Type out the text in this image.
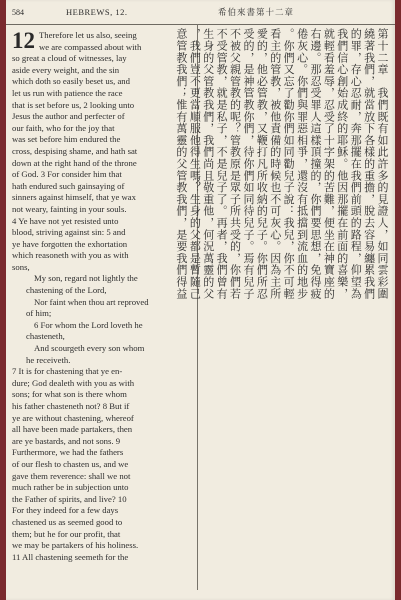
584	HEBREWS, 12.	希伯來書第十二章
12 Therefore let us also, seeing
we are compassed about with
so great a cloud of witnesses, lay
aside every weight, and the sin
which doth so easily beset us, and
let us run with patience the race
that is set before us, 2 looking unto
Jesus the author and perfecter of
our faith, who for the joy that
was set before him endured the
cross, despising shame, and hath sat
down at the right hand of the throne
of God. 3 For consider him that
hath endured such gainsaying of
sinners against himself, that ye wax
not weary, fainting in your souls.
4 Ye have not yet resisted unto
blood, striving against sin: 5 and
ye have forgotten the exhortation
which reasoneth with you as with
sons,
My son, regard not lightly the
chastening of the Lord,
Nor faint when thou art reproved
of him;
6 For whom the Lord loveth he
chasteneth,
And scourgeth every son whom
he receiveth.
7 It is for chastening that ye en-
dure; God dealeth with you as with
sons; for what son is there whom
his father chasteneth not? 8 But if
ye are without chastening, whereof
all have been made partakers, then
are ye bastards, and not sons. 9
Furthermore, we had the fathers
of our flesh to chasten us, and we
gave them reverence: shall we not
much rather be in subjection unto
the Father of spirits, and live? 10
For they indeed for a few days
chastened us as seemed good to
them; but he for our profit, that
we may be partakers of his holiness.
11 All chastening seemeth for the
第十二章　我們既有如此許多的見證人，如同雲彩圍
繞著我們，就當放下各樣的重擔，脫去容易纏累我們
的罪，存心忍耐，奔那擺在我們前頭的路程，仰望為
我們信心創始成終的耶穌。他因那擺在前面的喜樂，
就輕看羞辱，忍受了十字架的苦難，便坐在神寶座的
右邊。那忍受罪人這樣頂撞的，你們要思想，免得疲
倦灰心。你們與罪惡相爭，還沒有抵擋到流血的地步
。你們又忘了勸你們如同勸兒子說：我兒，你不可輕
看主的管教，被他責備的時候也不可灰心。因為主所
愛的，他必管教，又鞭打凡所收納的兒子。你們所忍
受的，是神管教你們，待你們如同待兒子。焉有兒子
不被父親管教的呢？管教原是眾子所共受的，你們若
不受管教，就是私子，不是兒子了。再者，我們曾有
生身的父管教我們，我們尚且敬重他，何況萬靈的父
，我們豈不更當順服他得生嗎？生身的父都是暫隨己
意管教我們；惟有萬靈的父管教我們，是要我們得益
